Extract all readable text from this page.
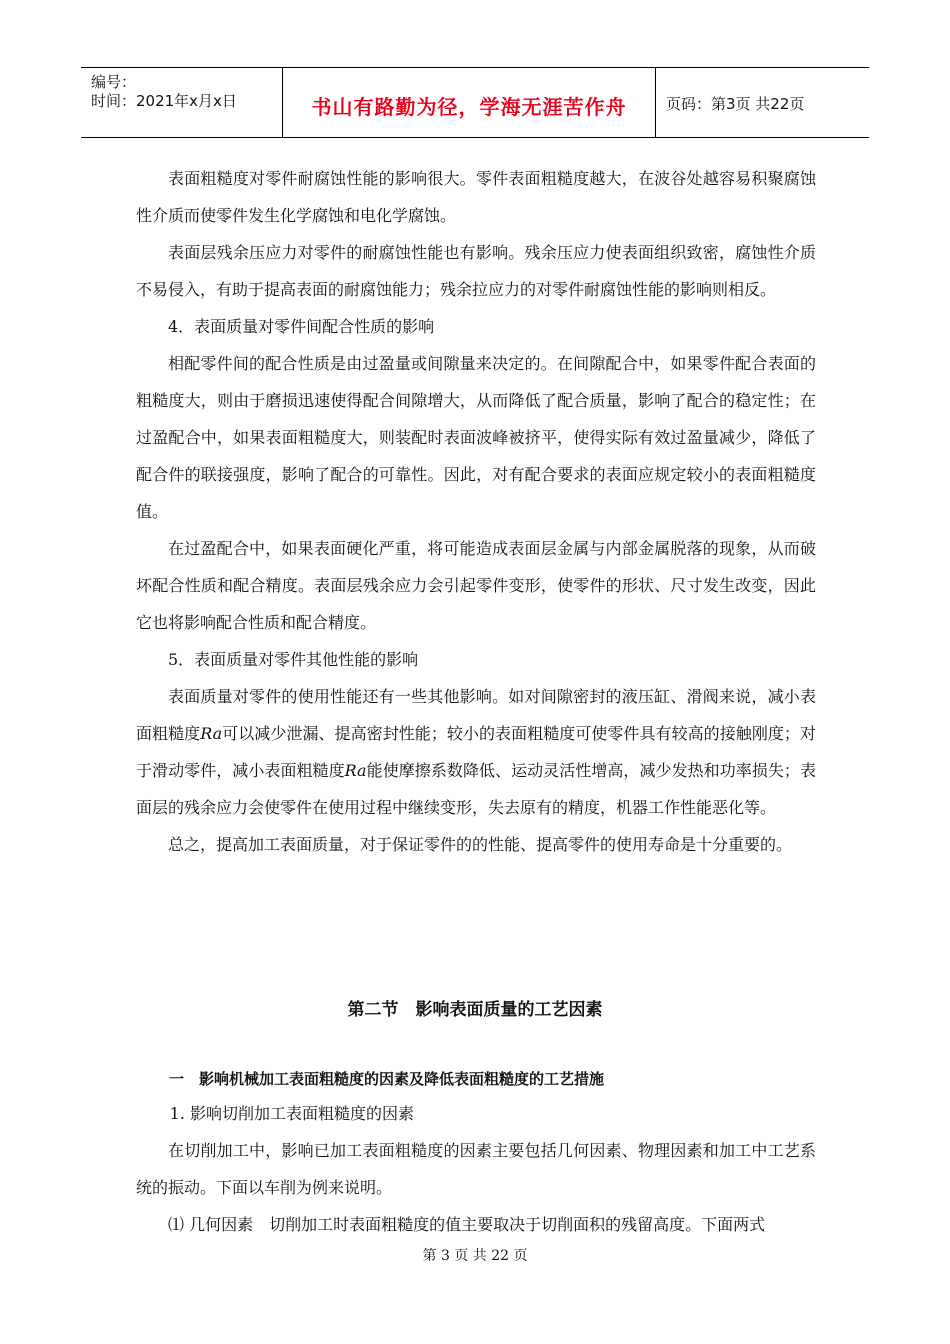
编号：
时间：2021年x月x日	书山有路勤为径，学海无涯苦作舟	页码：第3页 共22页

表面粗糙度对零件耐腐蚀性能的影响很大。零件表面粗糙度越大，在波谷处越容易积聚腐蚀性介质而使零件发生化学腐蚀和电化学腐蚀。

表面层残余压应力对零件的耐腐蚀性能也有影响。残余压应力使表面组织致密，腐蚀性介质不易侵入，有助于提高表面的耐腐蚀能力；残余拉应力的对零件耐腐蚀性能的影响则相反。

4．表面质量对零件间配合性质的影响

相配零件间的配合性质是由过盈量或间隙量来决定的。在间隙配合中，如果零件配合表面的粗糙度大，则由于磨损迅速使得配合间隙增大，从而降低了配合质量，影响了配合的稳定性；在过盈配合中，如果表面粗糙度大，则装配时表面波峰被挤平，使得实际有效过盈量减少，降低了配合件的联接强度，影响了配合的可靠性。因此，对有配合要求的表面应规定较小的表面粗糙度值。

在过盈配合中，如果表面硬化严重，将可能造成表面层金属与内部金属脱落的现象，从而破坏配合性质和配合精度。表面层残余应力会引起零件变形，使零件的形状、尺寸发生改变，因此它也将影响配合性质和配合精度。

5．表面质量对零件其他性能的影响

表面质量对零件的使用性能还有一些其他影响。如对间隙密封的液压缸、滑阀来说，减小表面粗糙度Ra可以减少泄漏、提高密封性能；较小的表面粗糙度可使零件具有较高的接触刚度；对于滑动零件，减小表面粗糙度Ra能使摩擦系数降低、运动灵活性增高，减少发热和功率损失；表面层的残余应力会使零件在使用过程中继续变形，失去原有的精度，机器工作性能恶化等。

总之，提高加工表面质量，对于保证零件的的性能、提高零件的使用寿命是十分重要的。

第二节　影响表面质量的工艺因素
一　影响机械加工表面粗糙度的因素及降低表面粗糙度的工艺措施

1. 影响切削加工表面粗糙度的因素

在切削加工中，影响已加工表面粗糙度的因素主要包括几何因素、物理因素和加工中工艺系统的振动。下面以车削为例来说明。

⑴ 几何因素　切削加工时表面粗糙度的值主要取决于切削面积的残留高度。下面两式

第 3 页 共 22 页
